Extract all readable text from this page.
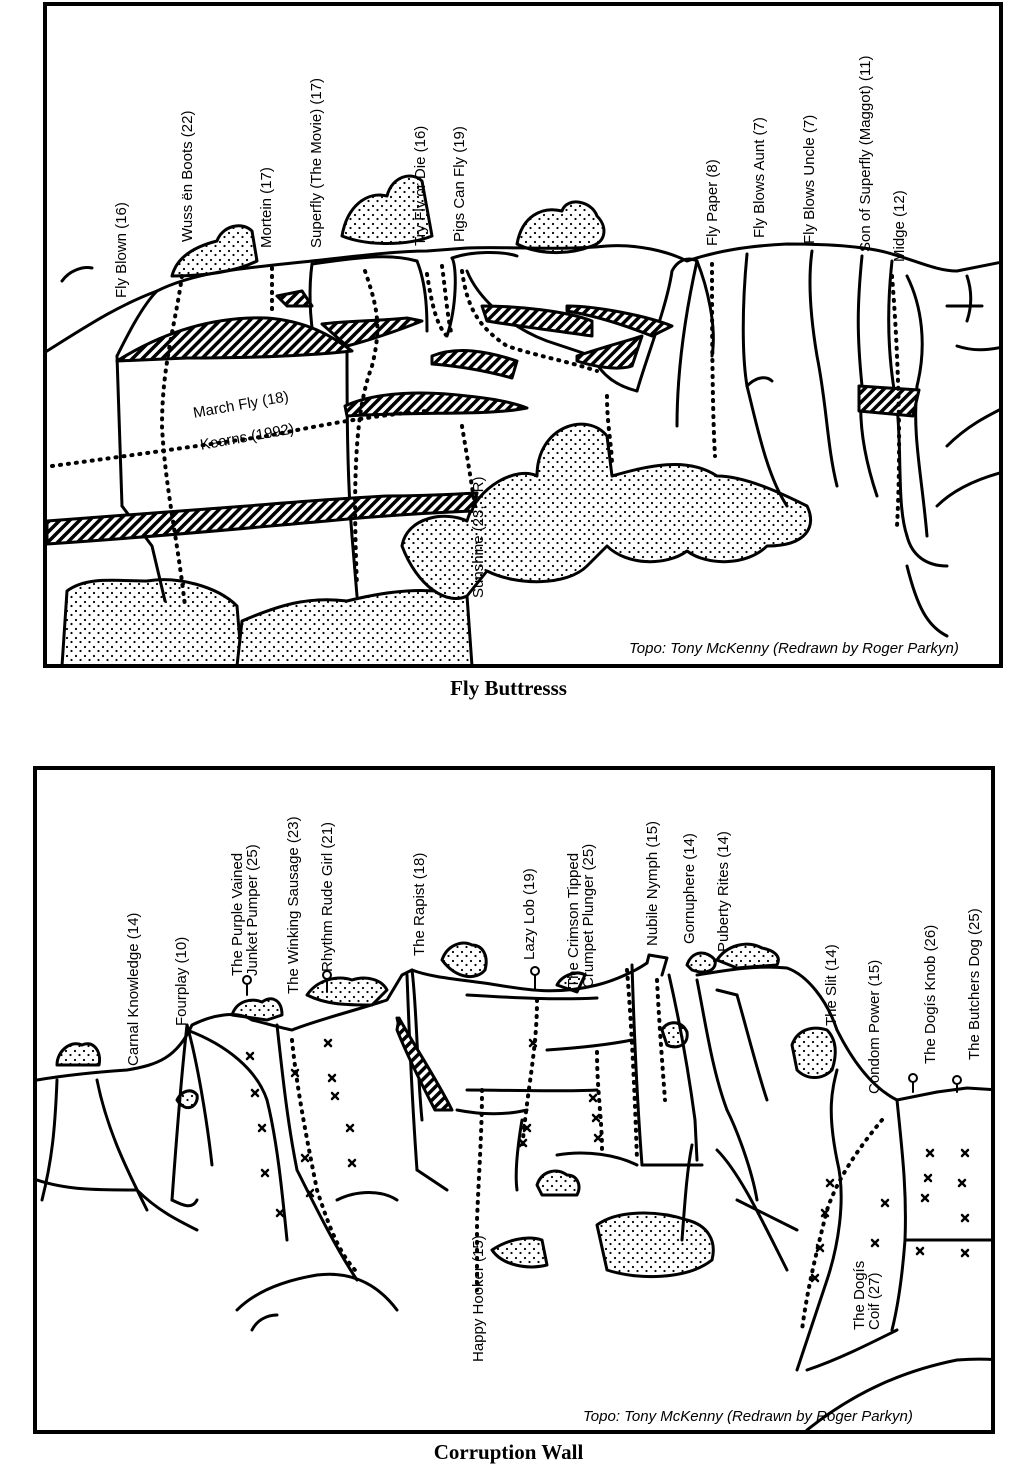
Fly Blown (16)
Wuss ën Boots (22)	Mortein (17) Superfly (The Movie) (17)	Try Fly or Die (16) Pigs Can Fly (19)	Fly Paper (8) Fly Blows Aunt (7) Fly Blows Uncle (7)	Son of Superfly (Maggot) (11) Midge (12)
Sunshine (23, TR)
March Fly (18)
Kearns (1992)
Topo: Tony McKenny (Redrawn by Roger Parkyn)
Fly Buttresss
Carnal Knowledge (14) Fourplay (10)
The Purple Vained
Junket Pumper (25) The Winking Sausage (23) Rhythm Rude Girl (21)	The Rapist (18)	Lazy Lob (19) The Crimson Tipped
Crumpet Plunger (25)	Nubile Nymph (15) Gornuphere (14) Puberty Rites (14)
The Slit (14) Condom Power (15)	The Dogís Knob (26) The Butchers Dog (25)
Happy Hooker (15)	The Dogís
Coif (27)
Topo: Tony McKenny (Redrawn by Roger Parkyn)
Corruption Wall
